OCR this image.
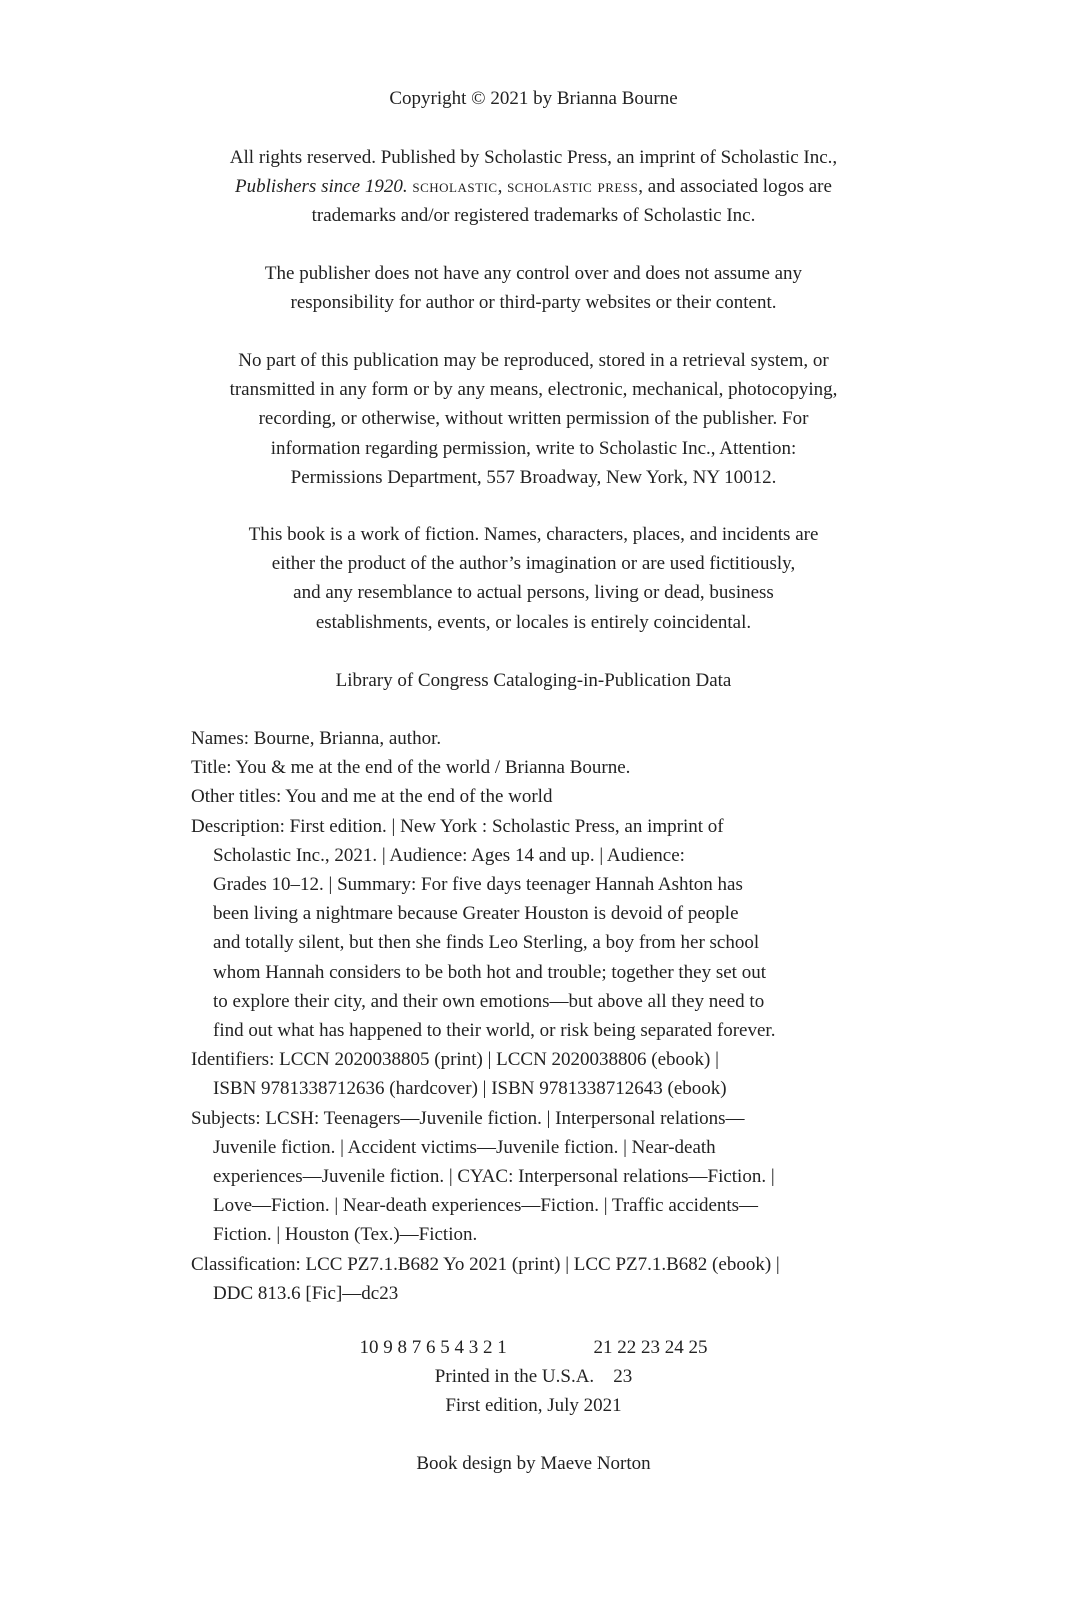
Copyright © 2021 by Brianna Bourne
All rights reserved. Published by Scholastic Press, an imprint of Scholastic Inc.,
Publishers since 1920. scholastic, scholastic press, and associated logos are
trademarks and/or registered trademarks of Scholastic Inc.
The publisher does not have any control over and does not assume any
responsibility for author or third-party websites or their content.
No part of this publication may be reproduced, stored in a retrieval system, or
transmitted in any form or by any means, electronic, mechanical, photocopying,
recording, or otherwise, without written permission of the publisher. For
information regarding permission, write to Scholastic Inc., Attention:
Permissions Department, 557 Broadway, New York, NY 10012.
This book is a work of fiction. Names, characters, places, and incidents are
either the product of the author’s imagination or are used fictitiously,
and any resemblance to actual persons, living or dead, business
establishments, events, or locales is entirely coincidental.
Library of Congress Cataloging-in-Publication Data
Names: Bourne, Brianna, author.
Title: You & me at the end of the world / Brianna Bourne.
Other titles: You and me at the end of the world
Description: First edition. | New York : Scholastic Press, an imprint of
Scholastic Inc., 2021. | Audience: Ages 14 and up. | Audience:
Grades 10–12. | Summary: For five days teenager Hannah Ashton has
been living a nightmare because Greater Houston is devoid of people
and totally silent, but then she finds Leo Sterling, a boy from her school
whom Hannah considers to be both hot and trouble; together they set out
to explore their city, and their own emotions—but above all they need to
find out what has happened to their world, or risk being separated forever.
Identifiers: LCCN 2020038805 (print) | LCCN 2020038806 (ebook) |
ISBN 9781338712636 (hardcover) | ISBN 9781338712643 (ebook)
Subjects: LCSH: Teenagers—Juvenile fiction. | Interpersonal relations—
Juvenile fiction. | Accident victims—Juvenile fiction. | Near-death
experiences—Juvenile fiction. | CYAC: Interpersonal relations—Fiction. |
Love—Fiction. | Near-death experiences—Fiction. | Traffic accidents—
Fiction. | Houston (Tex.)—Fiction.
Classification: LCC PZ7.1.B682 Yo 2021 (print) | LCC PZ7.1.B682 (ebook) |
DDC 813.6 [Fic]—dc23
10 9 8 7 6 5 4 3 2 1	21 22 23 24 25
Printed in the U.S.A. 23
First edition, July 2021
Book design by Maeve Norton
